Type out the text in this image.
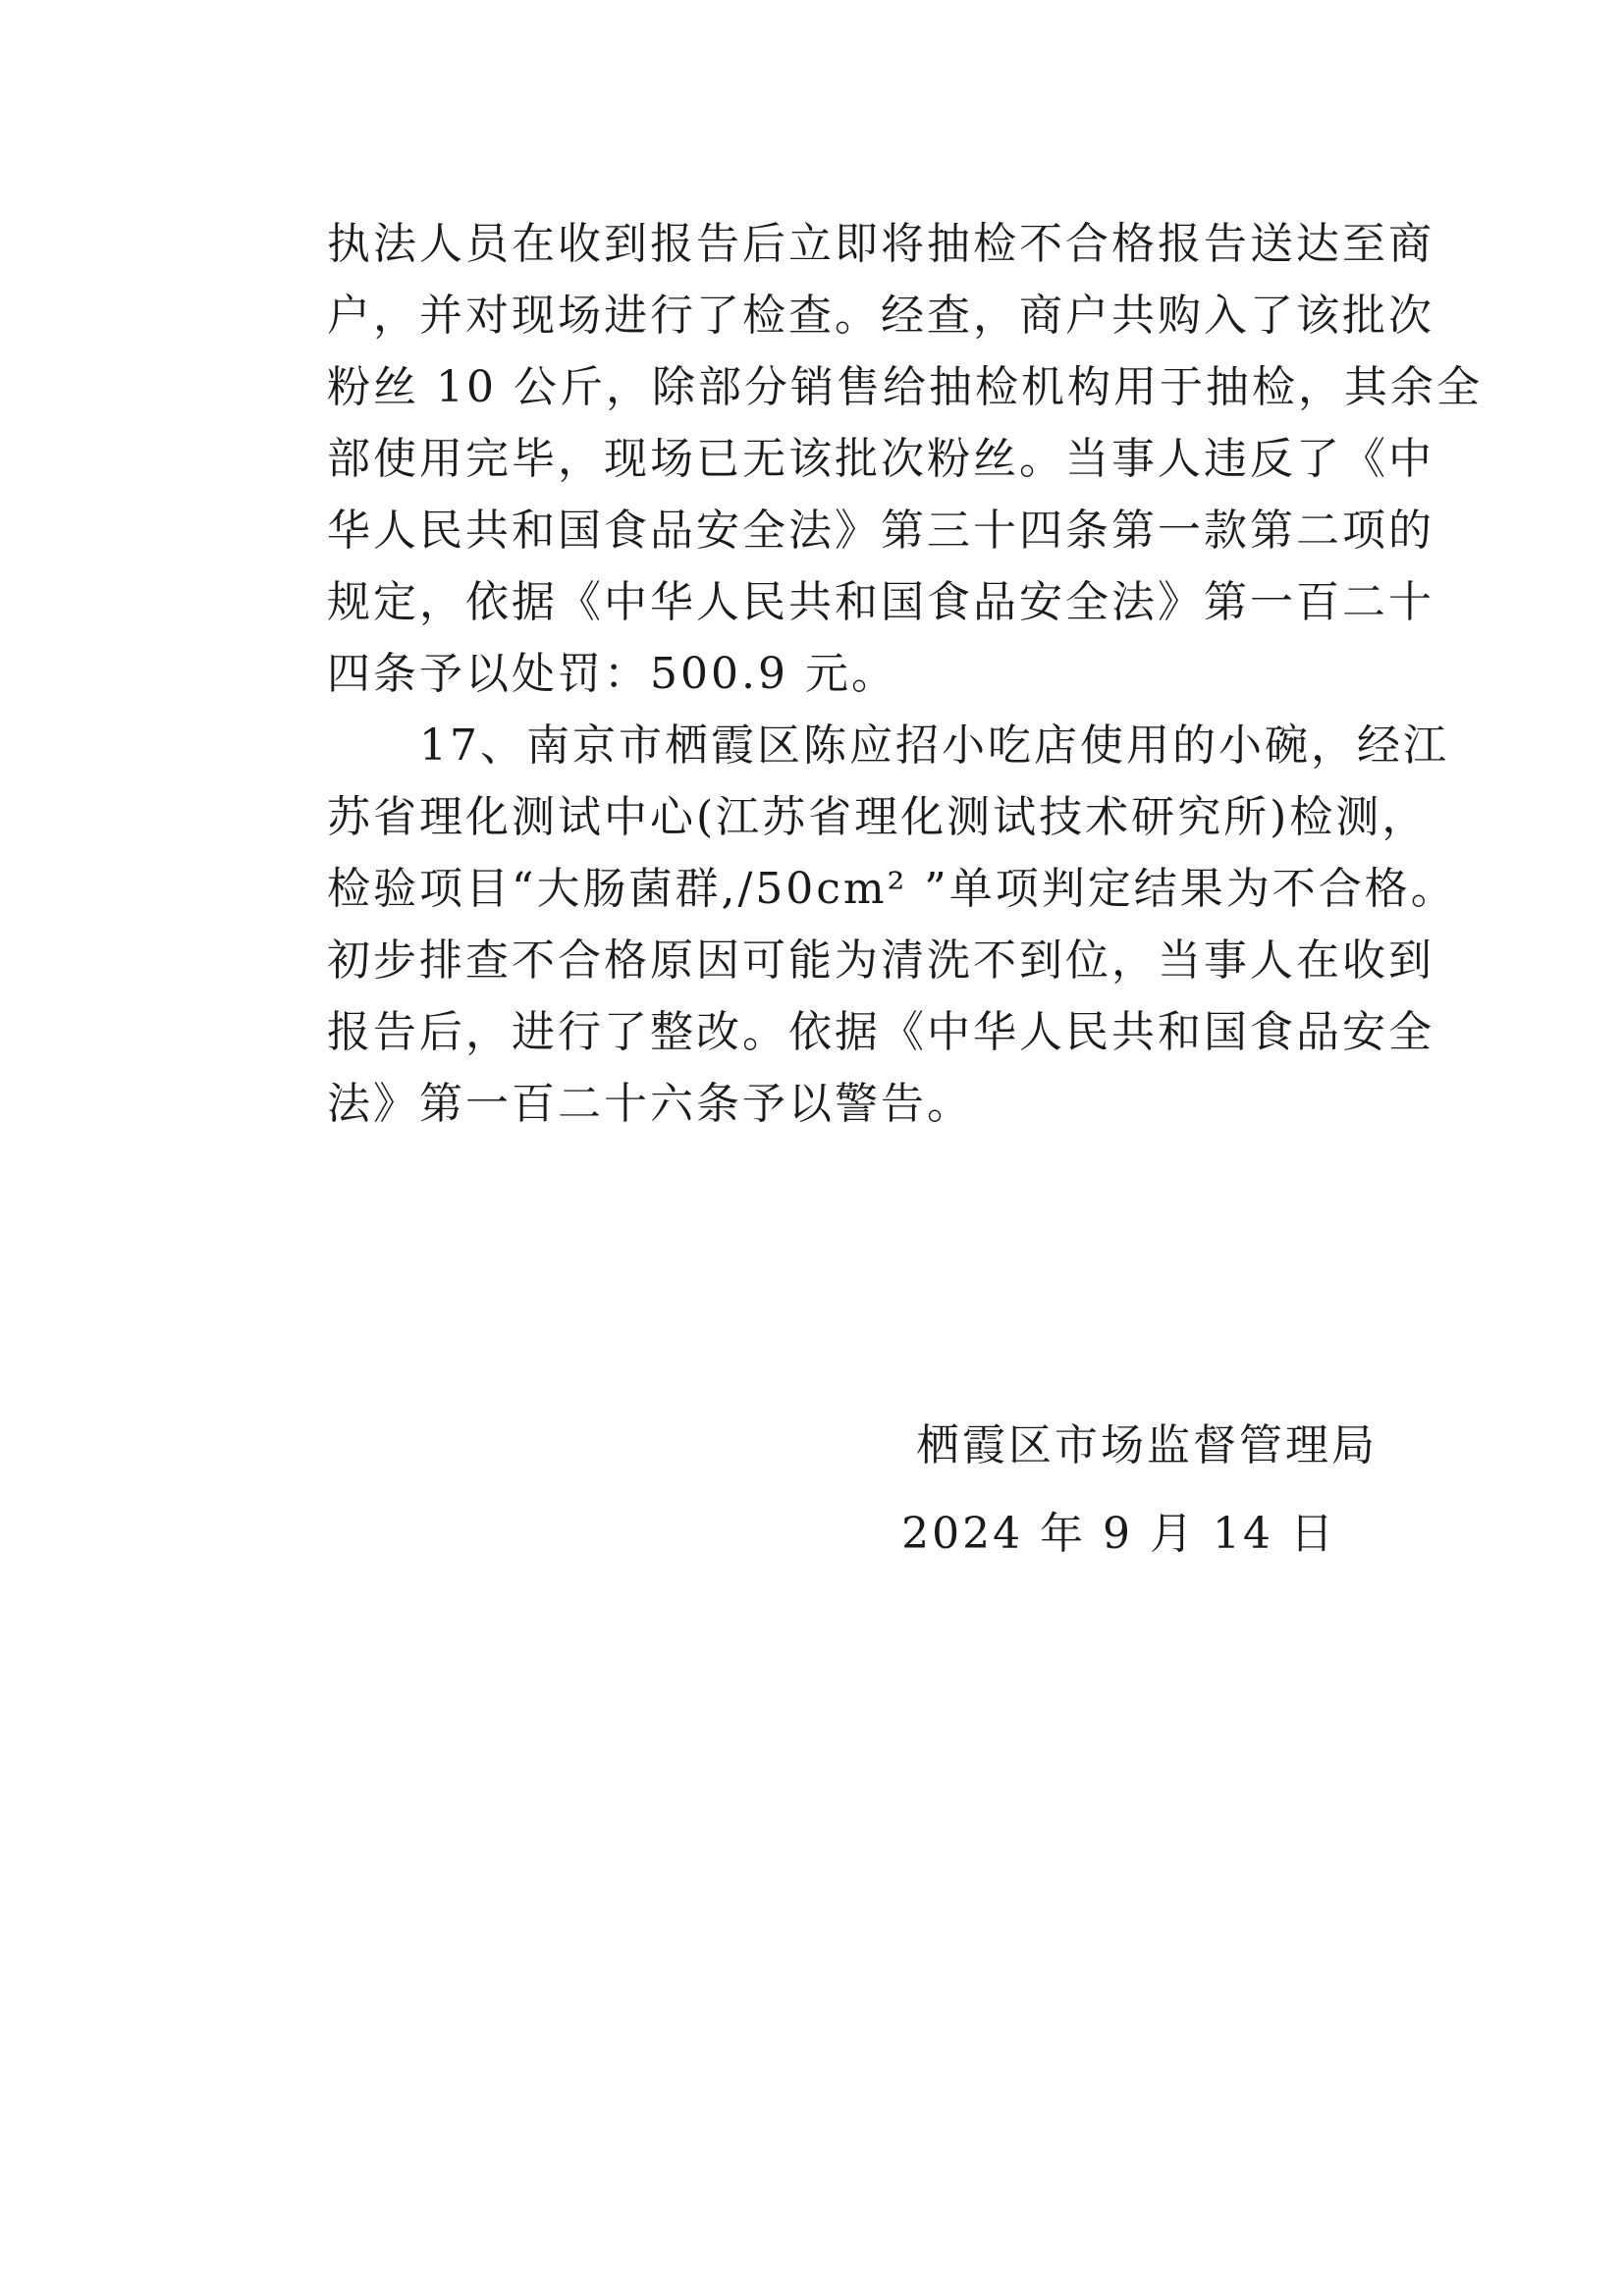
执法人员在收到报告后立即将抽检不合格报告送达至商
户，并对现场进行了检查。经查，商户共购入了该批次
粉丝 10 公斤，除部分销售给抽检机构用于抽检，其余全
部使用完毕，现场已无该批次粉丝。当事人违反了《中
华人民共和国食品安全法》第三十四条第一款第二项的
规定，依据《中华人民共和国食品安全法》第一百二十
四条予以处罚：500.9 元。
　　17、南京市栖霞区陈应招小吃店使用的小碗，经江
苏省理化测试中心(江苏省理化测试技术研究所)检测，
检验项目“大肠菌群,/50cm² ”单项判定结果为不合格。
初步排查不合格原因可能为清洗不到位，当事人在收到
报告后，进行了整改。依据《中华人民共和国食品安全
法》第一百二十六条予以警告。
栖霞区市场监督管理局
2024 年 9 月 14 日
